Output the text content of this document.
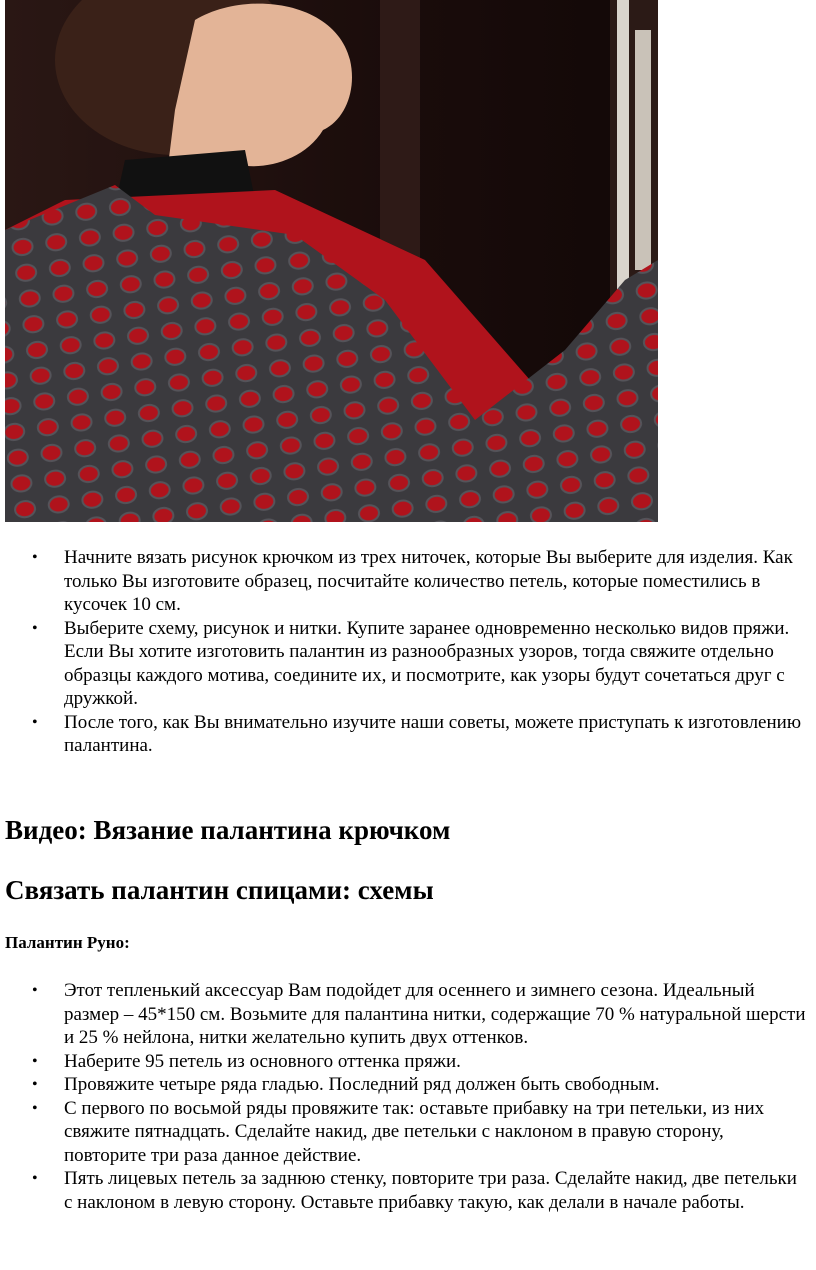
• Начните вязать рисунок крючком из трех ниточек, которые Вы выберите для изделия. Как только Вы изготовите образец, посчитайте количество петель, которые поместились в кусочек 10 см.

• Выберите схему, рисунок и нитки. Купите заранее одновременно несколько видов пряжи.

Если Вы хотите изготовить палантин из разнообразных узоров, тогда свяжите отдельно образцы каждого мотива, соедините их, и посмотрите, как узоры будут сочетаться друг с дружкой.

• После того, как Вы внимательно изучите наши советы, можете приступать к изготовлению палантина.

Видео: Вязание палантина крючком
Связать палантин спицами: схемы

Палантин Руно:

• Этот тепленький аксессуар Вам подойдет для осеннего и зимнего сезона. Идеальный размер – 45*150 см. Возьмите для палантина нитки, содержащие 70 % натуральной шерсти и 25 % нейлона, нитки желательно купить двух оттенков.

• Наберите 95 петель из основного оттенка пряжи.

• Провяжите четыре ряда гладью. Последний ряд должен быть свободным.

• С первого по восьмой ряды провяжите так: оставьте прибавку на три петельки, из них свяжите пятнадцать. Сделайте накид, две петельки с наклоном в правую сторону, повторите три раза данное действие.

• Пять лицевых петель за заднюю стенку, повторите три раза. Сделайте накид, две петельки с наклоном в левую сторону. Оставьте прибавку такую, как делали в начале работы.
